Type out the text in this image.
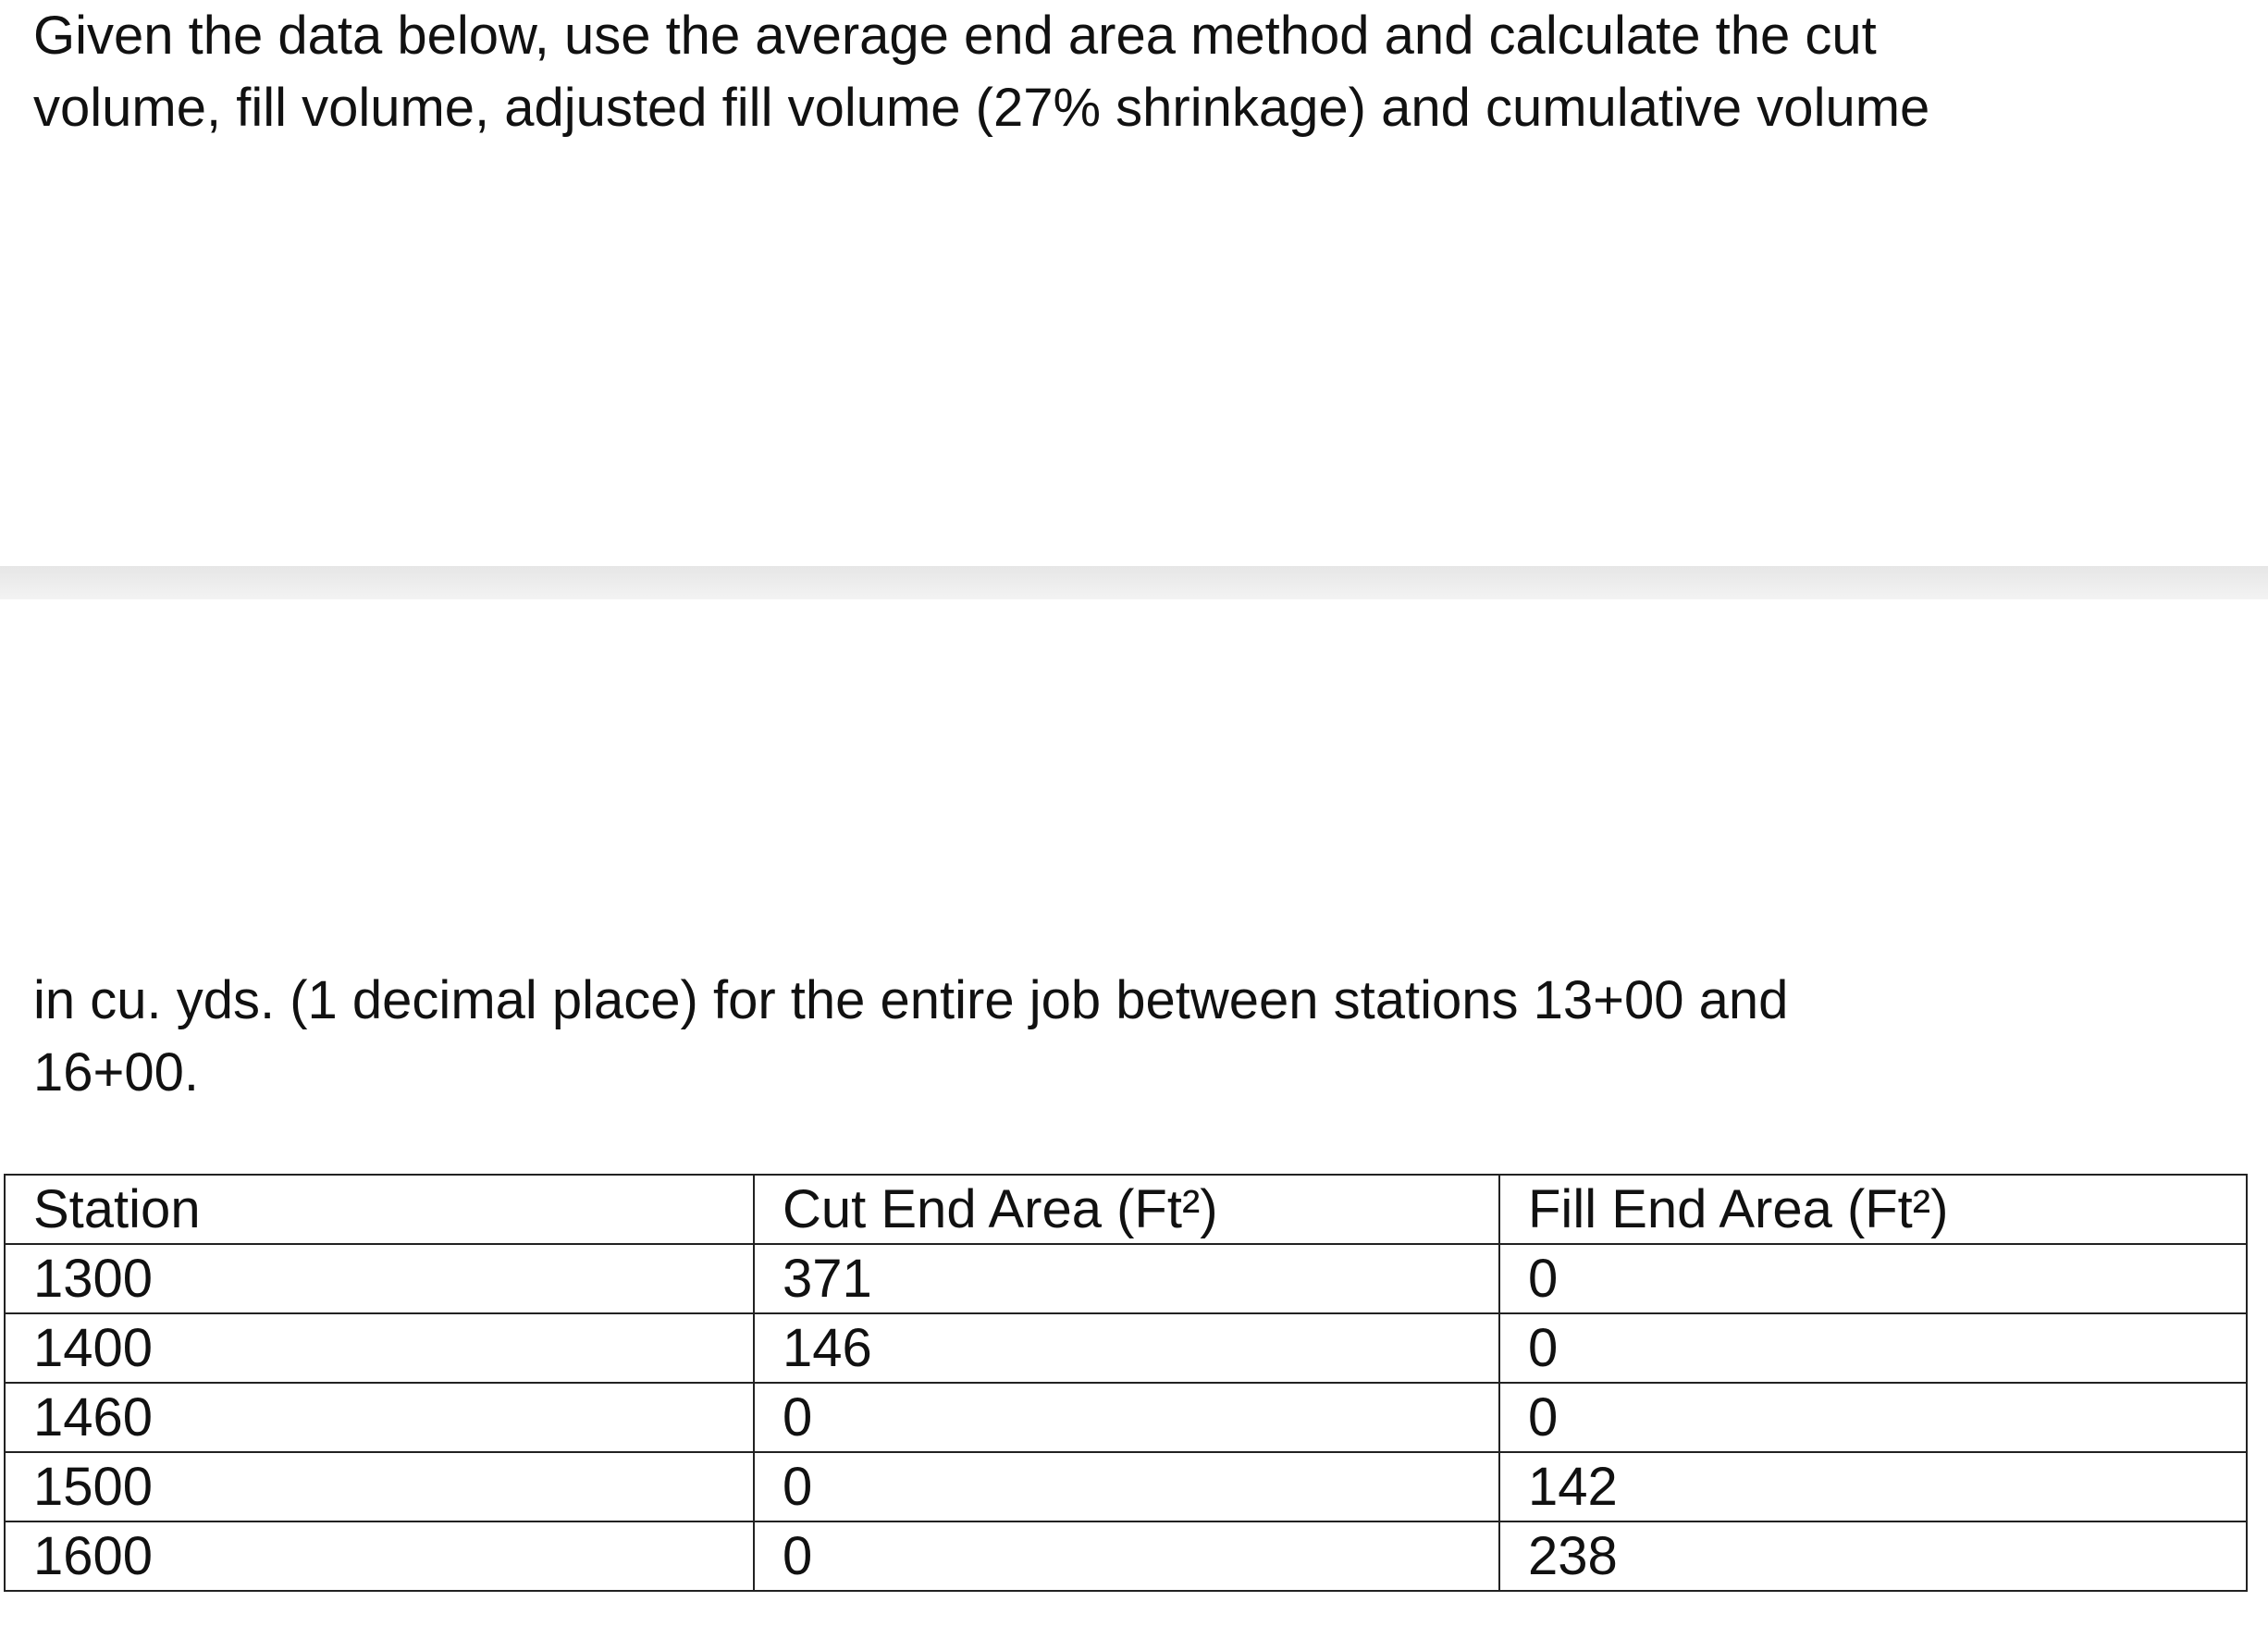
Given the data below, use the average end area method and calculate the cut
volume, fill volume, adjusted fill volume (27% shrinkage) and cumulative volume
in cu. yds. (1 decimal place) for the entire job between stations 13+00 and
16+00.
Station	Cut End Area (Ft²)	Fill End Area (Ft²)
1300	371	0
1400	146	0
1460	0	0
1500	0	142
1600	0	238
